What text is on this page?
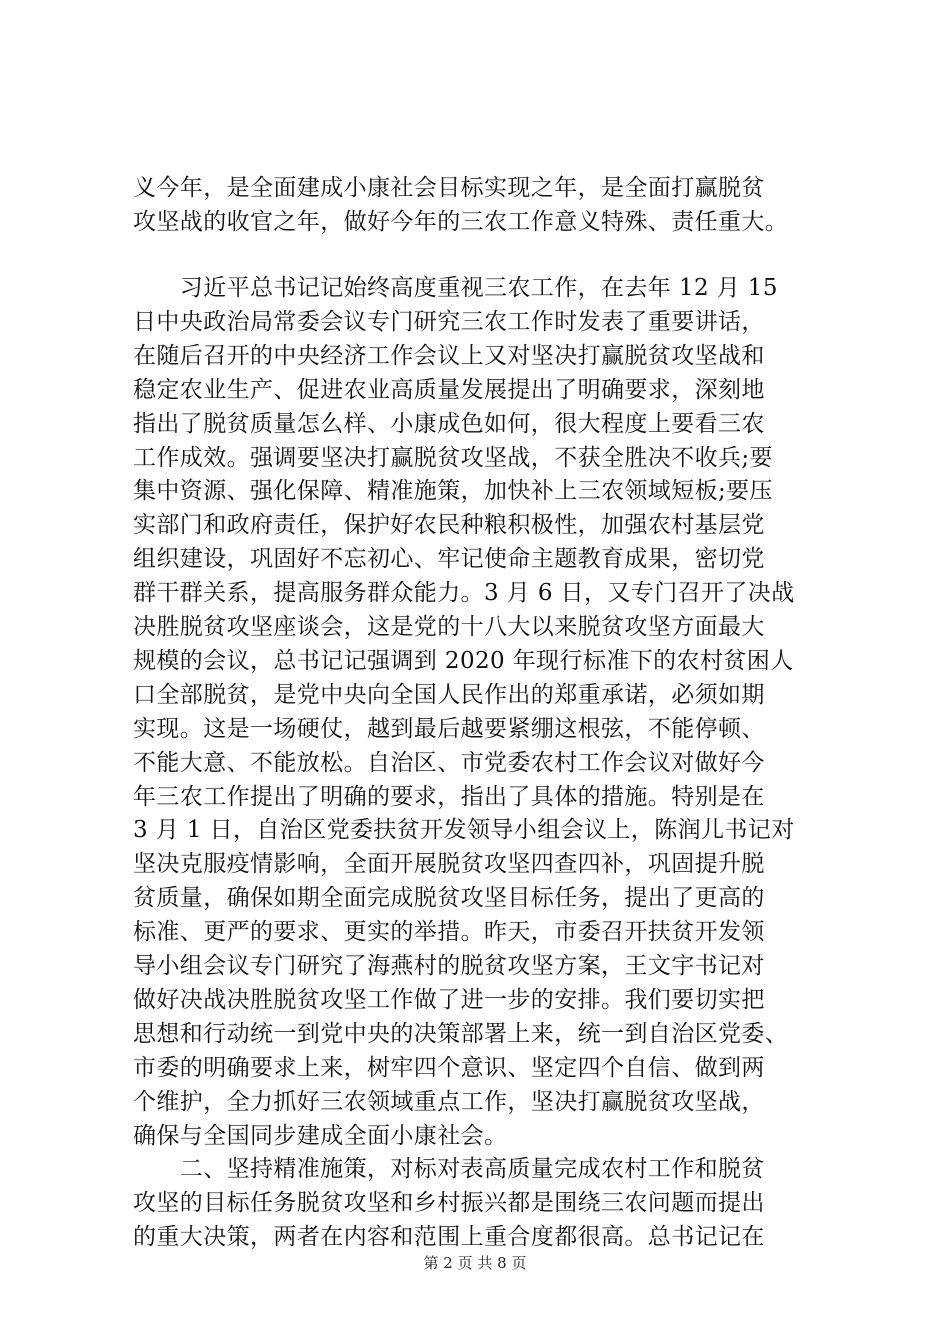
义今年，是全面建成小康社会目标实现之年，是全面打赢脱贫
攻坚战的收官之年，做好今年的三农工作意义特殊、责任重大。
　　习近平总书记记始终高度重视三农工作，在去年 12 月 15
日中央政治局常委会议专门研究三农工作时发表了重要讲话，
在随后召开的中央经济工作会议上又对坚决打赢脱贫攻坚战和
稳定农业生产、促进农业高质量发展提出了明确要求，深刻地
指出了脱贫质量怎么样、小康成色如何，很大程度上要看三农
工作成效。强调要坚决打赢脱贫攻坚战，不获全胜决不收兵;要
集中资源、强化保障、精准施策，加快补上三农领域短板;要压
实部门和政府责任，保护好农民种粮积极性，加强农村基层党
组织建设，巩固好不忘初心、牢记使命主题教育成果，密切党
群干群关系，提高服务群众能力。3 月 6 日，又专门召开了决战
决胜脱贫攻坚座谈会，这是党的十八大以来脱贫攻坚方面最大
规模的会议，总书记记强调到 2020 年现行标准下的农村贫困人
口全部脱贫，是党中央向全国人民作出的郑重承诺，必须如期
实现。这是一场硬仗，越到最后越要紧绷这根弦，不能停顿、
不能大意、不能放松。自治区、市党委农村工作会议对做好今
年三农工作提出了明确的要求，指出了具体的措施。特别是在
3 月 1 日，自治区党委扶贫开发领导小组会议上，陈润儿书记对
坚决克服疫情影响，全面开展脱贫攻坚四查四补，巩固提升脱
贫质量，确保如期全面完成脱贫攻坚目标任务，提出了更高的
标准、更严的要求、更实的举措。昨天，市委召开扶贫开发领
导小组会议专门研究了海燕村的脱贫攻坚方案，王文宇书记对
做好决战决胜脱贫攻坚工作做了进一步的安排。我们要切实把
思想和行动统一到党中央的决策部署上来，统一到自治区党委、
市委的明确要求上来，树牢四个意识、坚定四个自信、做到两
个维护，全力抓好三农领域重点工作，坚决打赢脱贫攻坚战，
确保与全国同步建成全面小康社会。
　　二、坚持精准施策，对标对表高质量完成农村工作和脱贫
攻坚的目标任务脱贫攻坚和乡村振兴都是围绕三农问题而提出
的重大决策，两者在内容和范围上重合度都很高。总书记记在
第 2 页 共 8 页
